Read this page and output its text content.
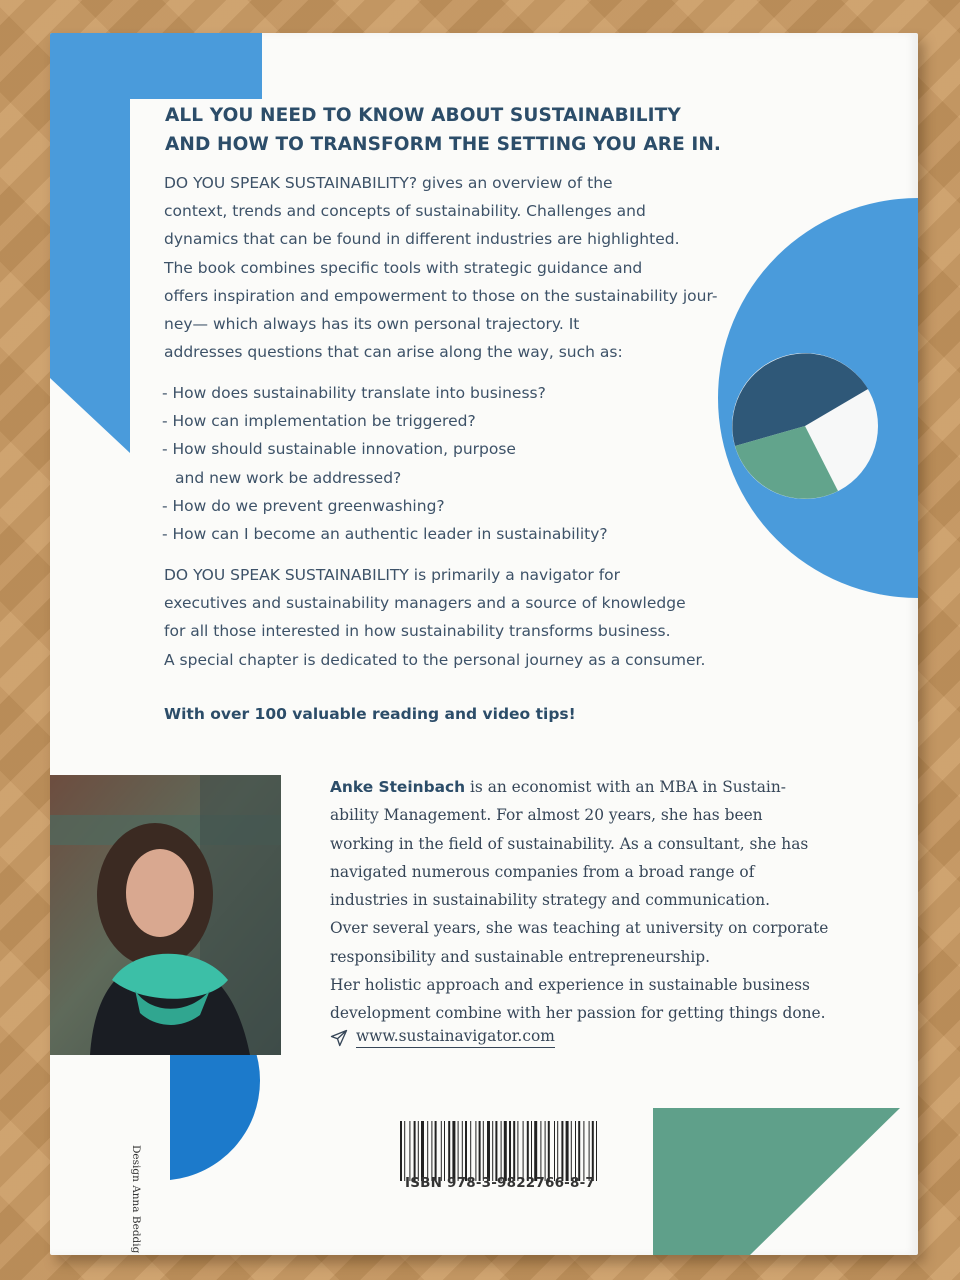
ALL YOU NEED TO KNOW ABOUT SUSTAINABILITY
AND HOW TO TRANSFORM THE SETTING YOU ARE IN.

DO YOU SPEAK SUSTAINABILITY? gives an overview of the
context, trends and concepts of sustainability. Challenges and
dynamics that can be found in different industries are highlighted.
The book combines specific tools with strategic guidance and
offers inspiration and empowerment to those on the sustainability jour-
ney— which always has its own personal trajectory. It
addresses questions that can arise along the way, such as:

- How does sustainability translate into business?
- How can implementation be triggered?
- How should sustainable innovation, purpose
and new work be addressed?
- How do we prevent greenwashing?
- How can I become an authentic leader in sustainability?

DO YOU SPEAK SUSTAINABILITY is primarily a navigator for
executives and sustainability managers and a source of knowledge
for all those interested in how sustainability transforms business.
A special chapter is dedicated to the personal journey as a consumer.

With over 100 valuable reading and video tips!

Anke Steinbach is an economist with an MBA in Sustain-
ability Management. For almost 20 years, she has been
working in the field of sustainability. As a consultant, she has
navigated numerous companies from a broad range of
industries in sustainability strategy and communication.
Over several years, she was teaching at university on corporate
responsibility and sustainable entrepreneurship.
Her holistic approach and experience in sustainable business
development combine with her passion for getting things done.

www.sustainavigator.com
Design Anna Beddig	ISBN 978-3-9822766-8-7
